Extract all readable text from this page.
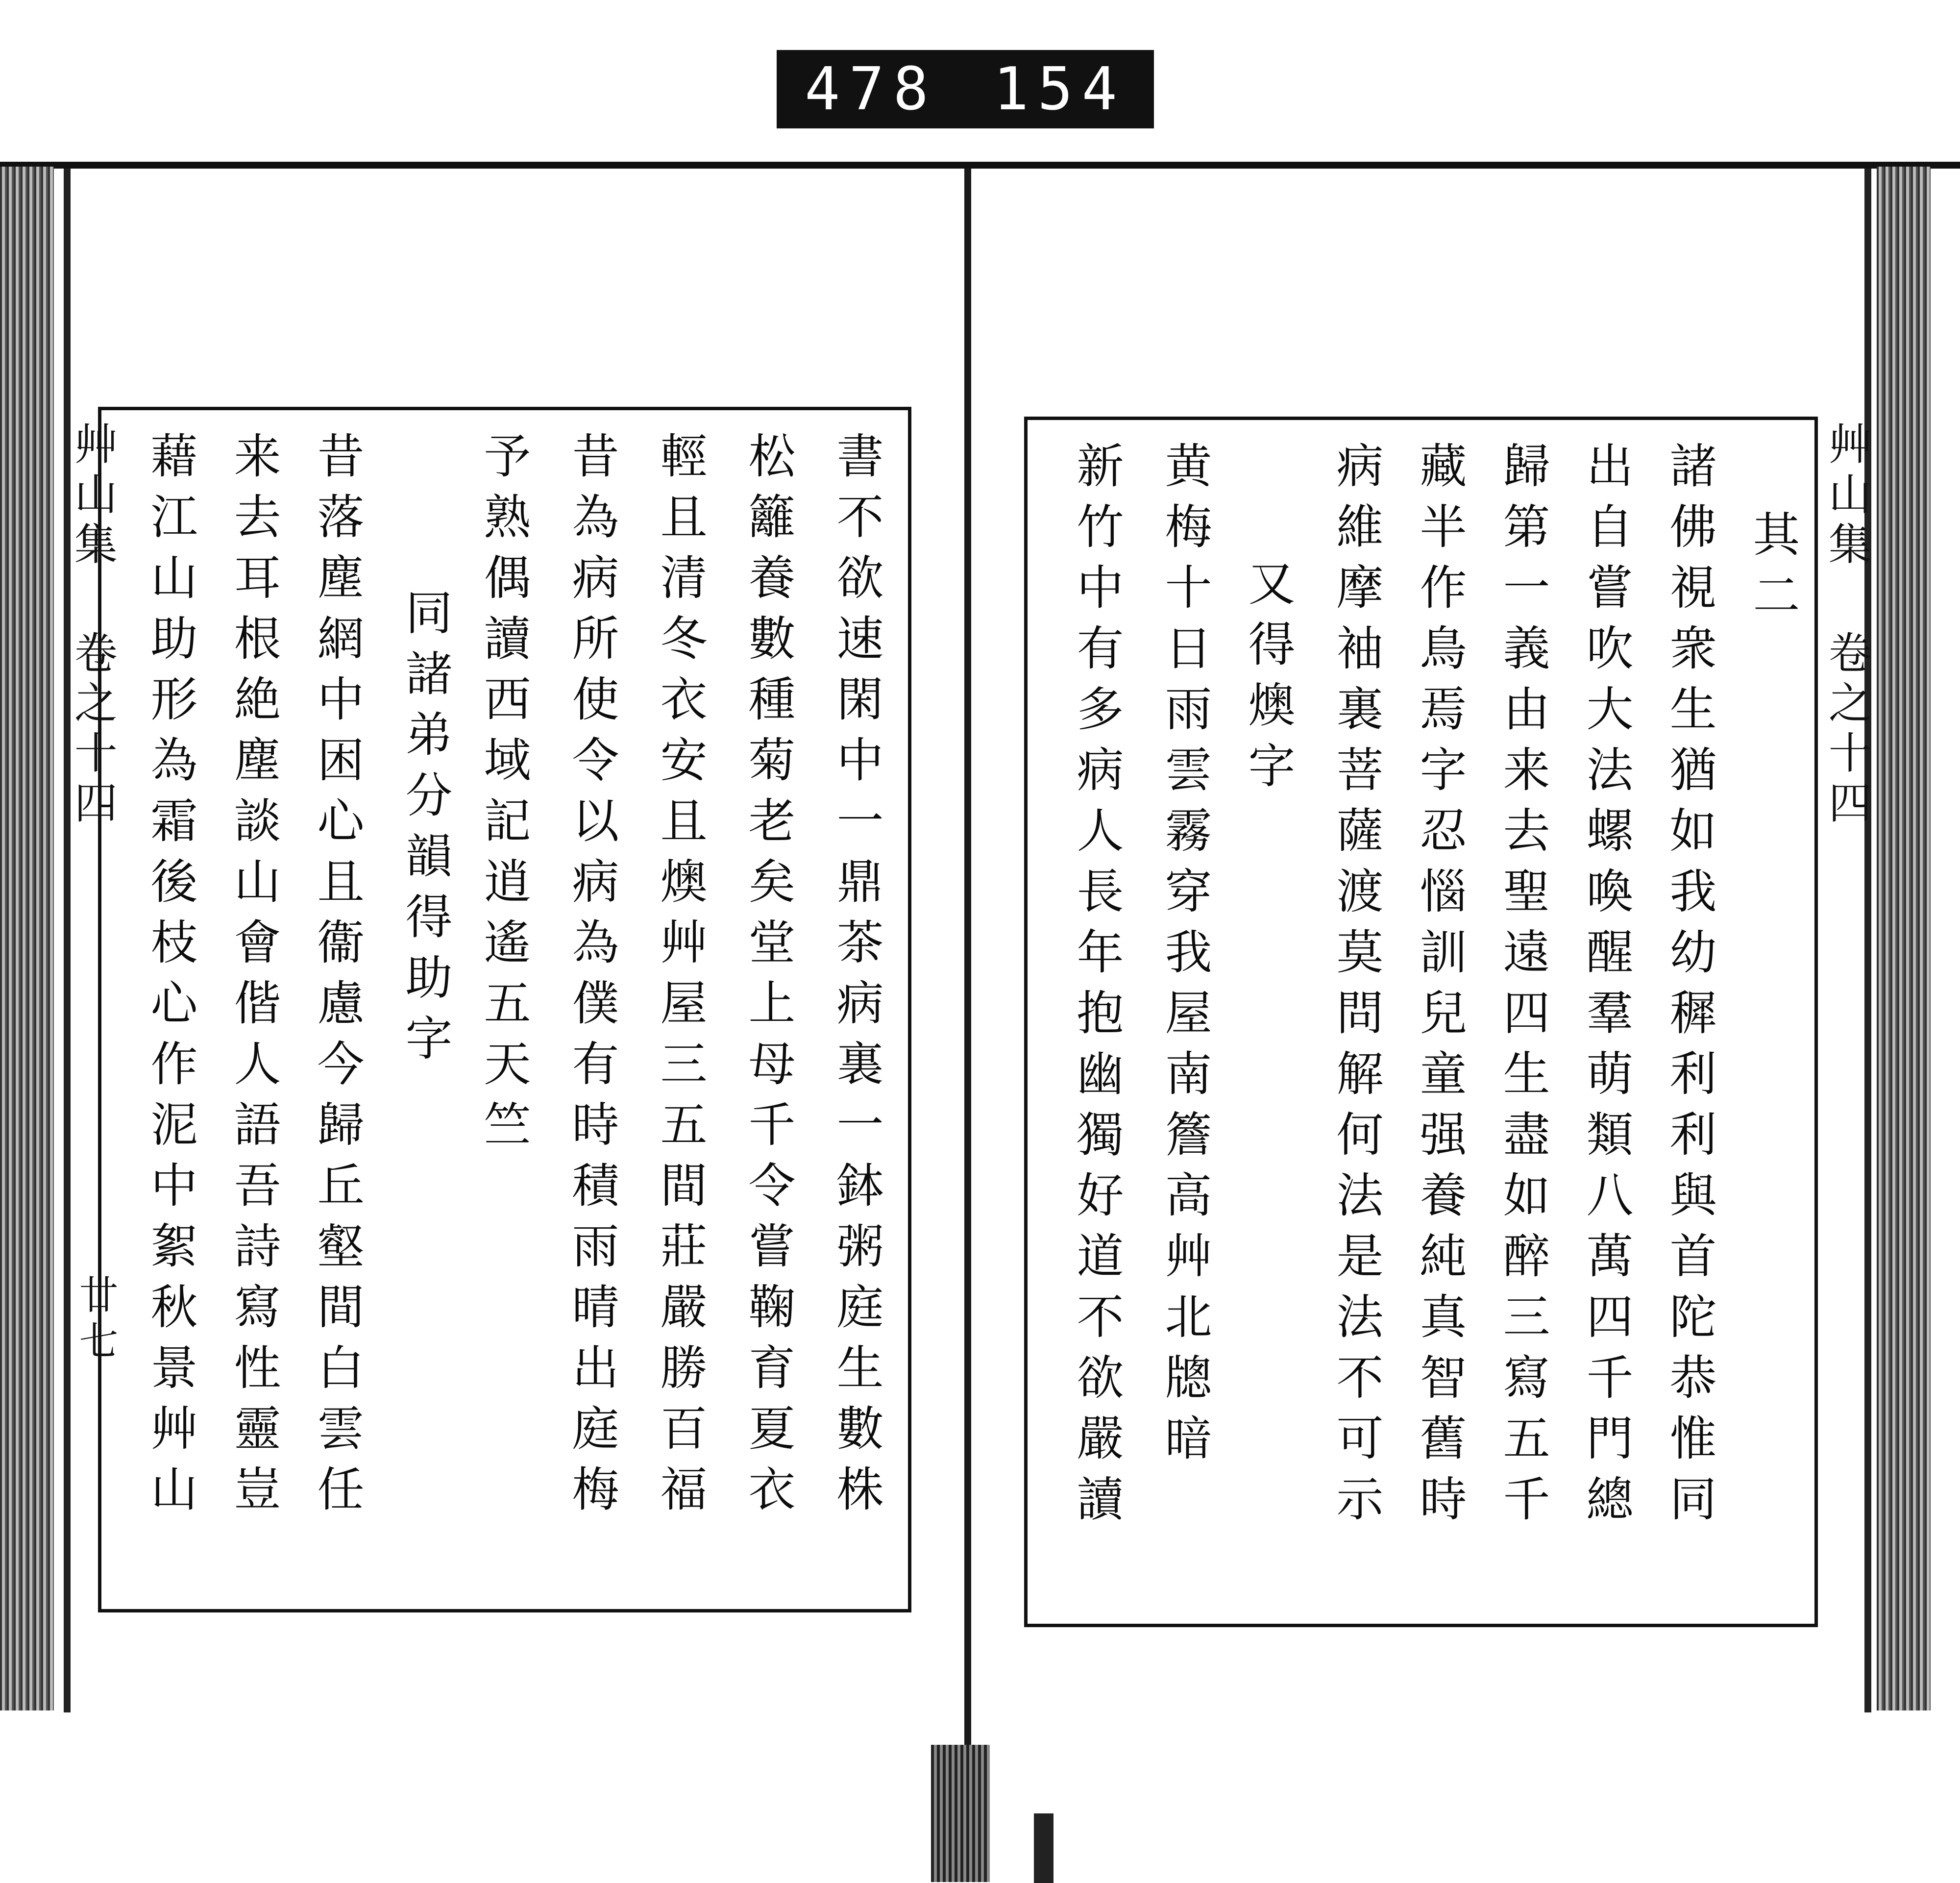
478 154
艸山集卷之十四
廿七	書不欲速閑中一鼎茶病裏一鉢粥庭生數株
松籬養數種菊老矣堂上母千令嘗鞠育夏衣
輕且清冬衣安且燠艸屋三五間莊嚴勝百福
昔為病所使令以病為僕有時積雨晴出庭梅
予熟偶讀西域記逍遙五天竺
同諸弟分韻得助字
昔落塵網中困心且衞慮今歸丘壑間白雲任
来去耳根絶塵談山會偕人語吾詩寫性靈豈
藉江山助形為霜後枝心作泥中絮秋景艸山	艸山集卷之十四
其二
諸佛視衆生猶如我幼穉利利與首陀恭惟同
出自嘗吹大法螺喚醒羣萌類八萬四千門總
歸第一義由来去聖遠四生盡如醉三寫五千
藏半作鳥焉字忍惱訓兒童强養純真智舊時
病維摩袖裏菩薩渡莫問解何法是法不可示
又得燠字
黄梅十日雨雲霧穿我屋南簷高艸北牕暗
新竹中有多病人長年抱幽獨好道不欲嚴讀
